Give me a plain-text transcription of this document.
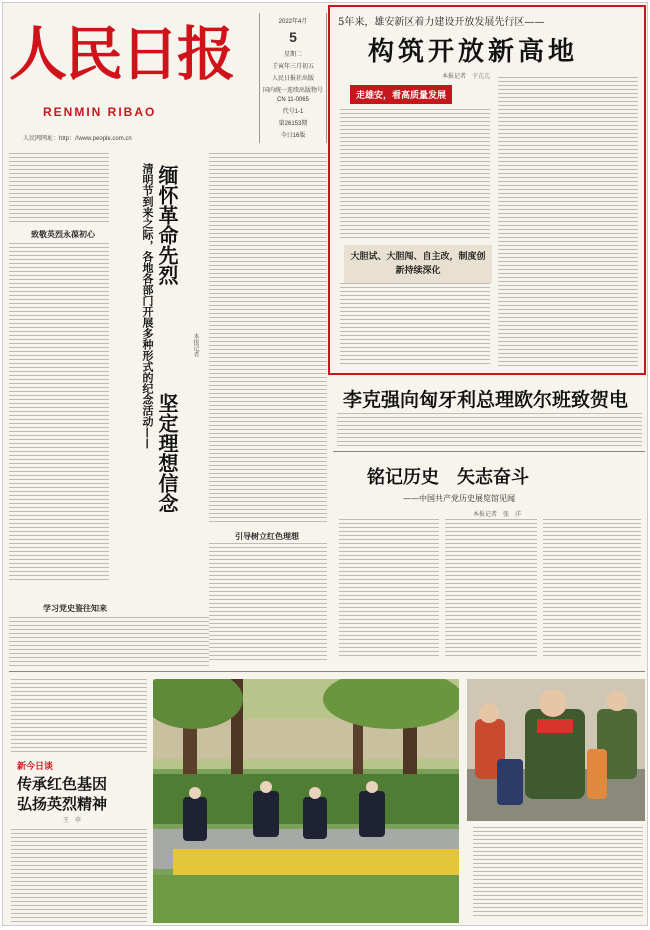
人民日报
RENMIN RIBAO
人民网网址：http：//www.people.com.cn
2022年4月
5
星期二
壬寅年三月初五
人民日报社出版
国内统一连续出版物号
CN 11-0065
代号1-1
第26153期
今日16版
5年来，雄安新区着力建设开放发展先行区——
构筑开放新高地
本报记者　于亢亢
走雄安，看高质量发展
大胆试、大胆闯、自主改，制度创新持续深化
李克强向匈牙利总理欧尔班致贺电
铭记历史　矢志奋斗
——中国共产党历史展览馆见闻
本报记者　张　洋
致敬英烈永葆初心
学习党史鉴往知来
清明节到来之际，各地各部门开展多种形式的纪念活动—— 缅怀革命先烈
坚定理想信念
本报记者
引导树立红色理想
新今日谈
传承红色基因
弘扬英烈精神
王　申
